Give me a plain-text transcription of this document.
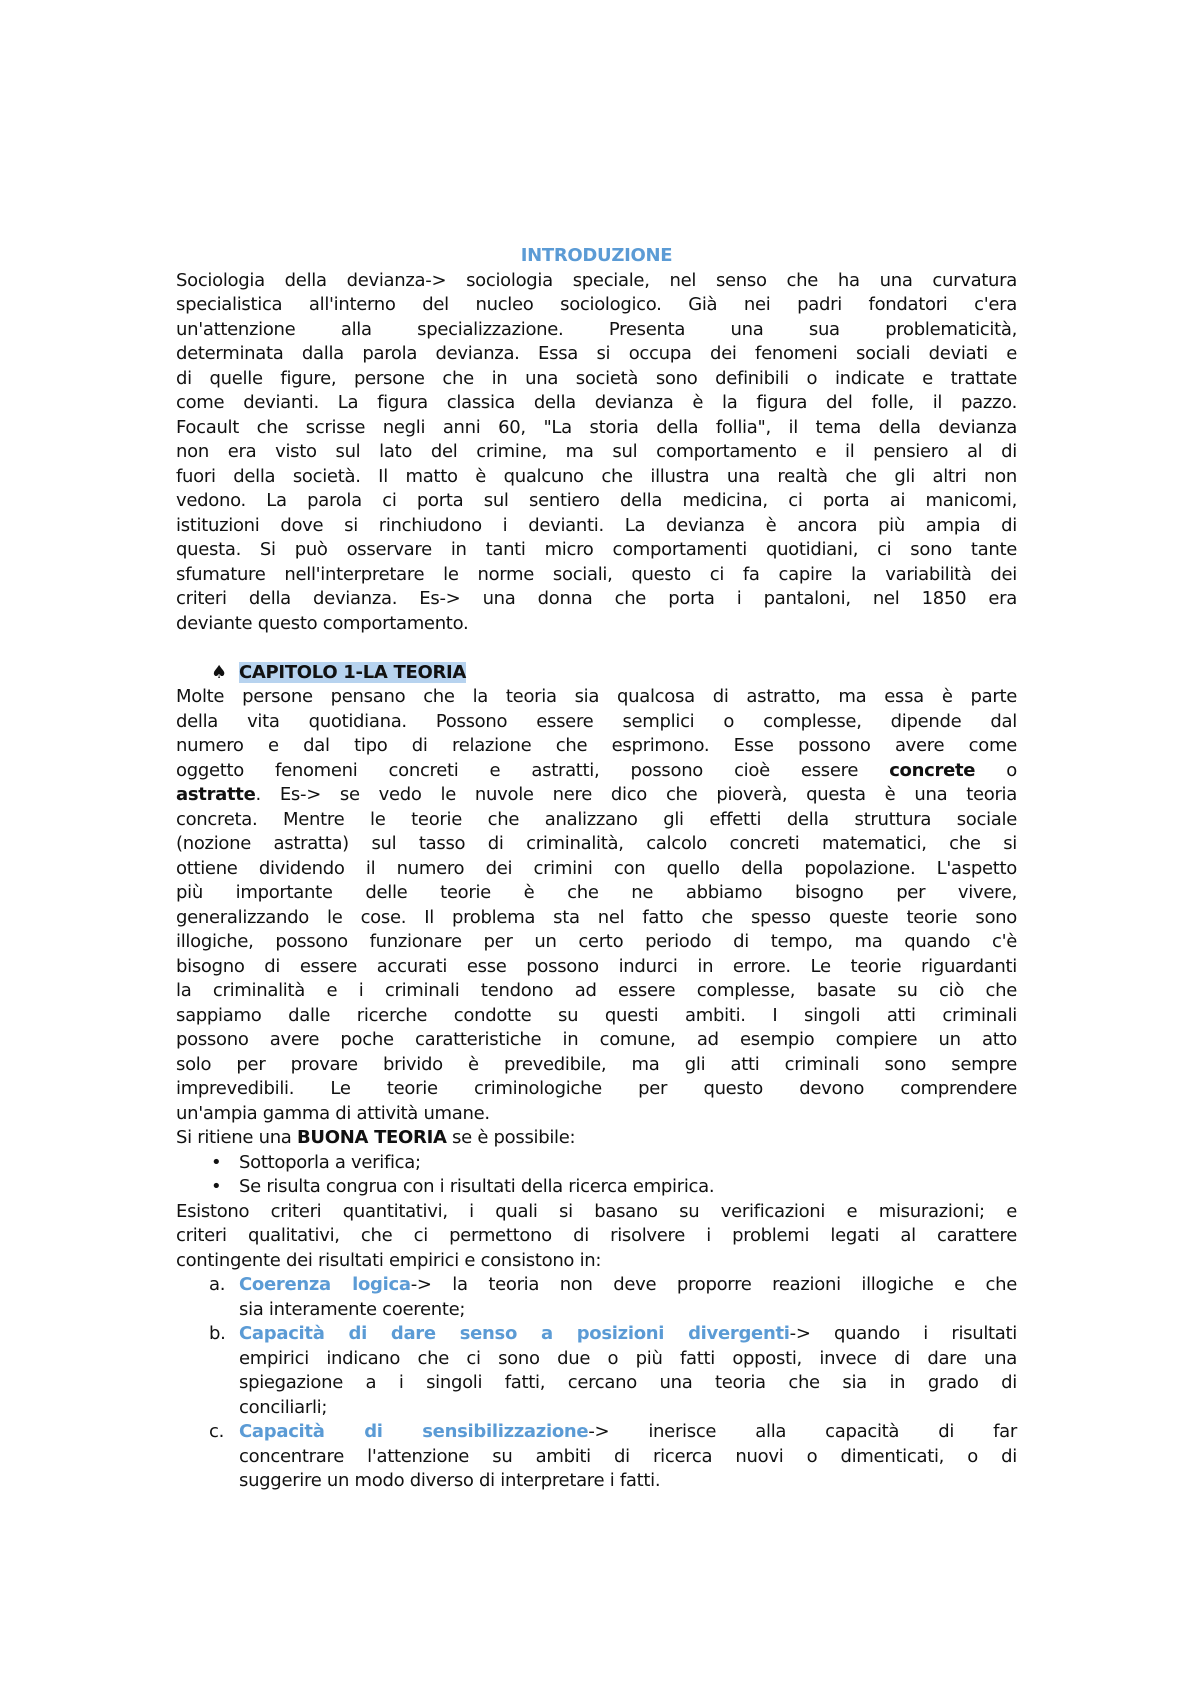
INTRODUZIONE
Sociologia della devianza-> sociologia speciale, nel senso che ha una curvatura
specialistica all'interno del nucleo sociologico. Già nei padri fondatori c'era
un'attenzione alla specializzazione. Presenta una sua problematicità,
determinata dalla parola devianza. Essa si occupa dei fenomeni sociali deviati e
di quelle figure, persone che in una società sono definibili o indicate e trattate
come devianti. La figura classica della devianza è la figura del folle, il pazzo.
Focault che scrisse negli anni 60, "La storia della follia", il tema della devianza
non era visto sul lato del crimine, ma sul comportamento e il pensiero al di
fuori della società. Il matto è qualcuno che illustra una realtà che gli altri non
vedono. La parola ci porta sul sentiero della medicina, ci porta ai manicomi,
istituzioni dove si rinchiudono i devianti. La devianza è ancora più ampia di
questa. Si può osservare in tanti micro comportamenti quotidiani, ci sono tante
sfumature nell'interpretare le norme sociali, questo ci fa capire la variabilità dei
criteri della devianza. Es-> una donna che porta i pantaloni, nel 1850 era
deviante questo comportamento.
♠ CAPITOLO 1-LA TEORIA
Molte persone pensano che la teoria sia qualcosa di astratto, ma essa è parte
della vita quotidiana. Possono essere semplici o complesse, dipende dal
numero e dal tipo di relazione che esprimono. Esse possono avere come
oggetto fenomeni concreti e astratti, possono cioè essere concrete o
astratte. Es-> se vedo le nuvole nere dico che pioverà, questa è una teoria
concreta. Mentre le teorie che analizzano gli effetti della struttura sociale
(nozione astratta) sul tasso di criminalità, calcolo concreti matematici, che si
ottiene dividendo il numero dei crimini con quello della popolazione. L'aspetto
più importante delle teorie è che ne abbiamo bisogno per vivere,
generalizzando le cose. Il problema sta nel fatto che spesso queste teorie sono
illogiche, possono funzionare per un certo periodo di tempo, ma quando c'è
bisogno di essere accurati esse possono indurci in errore. Le teorie riguardanti
la criminalità e i criminali tendono ad essere complesse, basate su ciò che
sappiamo dalle ricerche condotte su questi ambiti. I singoli atti criminali
possono avere poche caratteristiche in comune, ad esempio compiere un atto
solo per provare brivido è prevedibile, ma gli atti criminali sono sempre
imprevedibili. Le teorie criminologiche per questo devono comprendere
un'ampia gamma di attività umane.
Si ritiene una BUONA TEORIA se è possibile:
• Sottoporla a verifica;
• Se risulta congrua con i risultati della ricerca empirica.
Esistono criteri quantitativi, i quali si basano su verificazioni e misurazioni; e
criteri qualitativi, che ci permettono di risolvere i problemi legati al carattere
contingente dei risultati empirici e consistono in:
a. Coerenza logica-> la teoria non deve proporre reazioni illogiche e che
sia interamente coerente;
b. Capacità di dare senso a posizioni divergenti-> quando i risultati
empirici indicano che ci sono due o più fatti opposti, invece di dare una
spiegazione a i singoli fatti, cercano una teoria che sia in grado di
conciliarli;
c. Capacità di sensibilizzazione-> inerisce alla capacità di far
concentrare l'attenzione su ambiti di ricerca nuovi o dimenticati, o di
suggerire un modo diverso di interpretare i fatti.
